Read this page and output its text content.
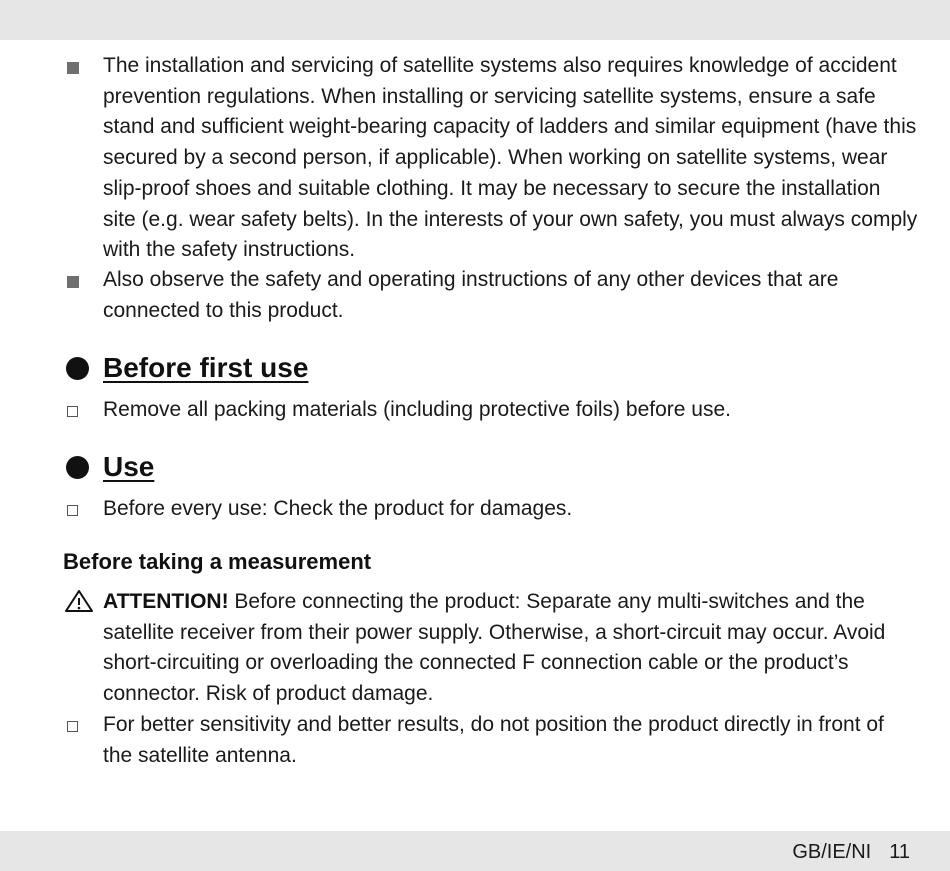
The installation and servicing of satellite systems also requires knowledge of accident prevention regulations. When installing or servicing satellite systems, ensure a safe stand and sufficient weight-bearing capacity of ladders and similar equipment (have this secured by a second person, if applicable). When working on satellite systems, wear slip-proof shoes and suitable clothing. It may be necessary to secure the installation site (e.g. wear safety belts). In the interests of your own safety, you must always comply with the safety instructions.
Also observe the safety and operating instructions of any other devices that are connected to this product.
Before first use
Remove all packing materials (including protective foils) before use.
Use
Before every use: Check the product for damages.
Before taking a measurement
ATTENTION! Before connecting the product: Separate any multi-switches and the satellite receiver from their power supply. Otherwise, a short-circuit may occur. Avoid short-circuiting or overloading the connected F connection cable or the product’s connector. Risk of product damage.
For better sensitivity and better results, do not position the product directly in front of the satellite antenna.
GB/IE/NI 11
